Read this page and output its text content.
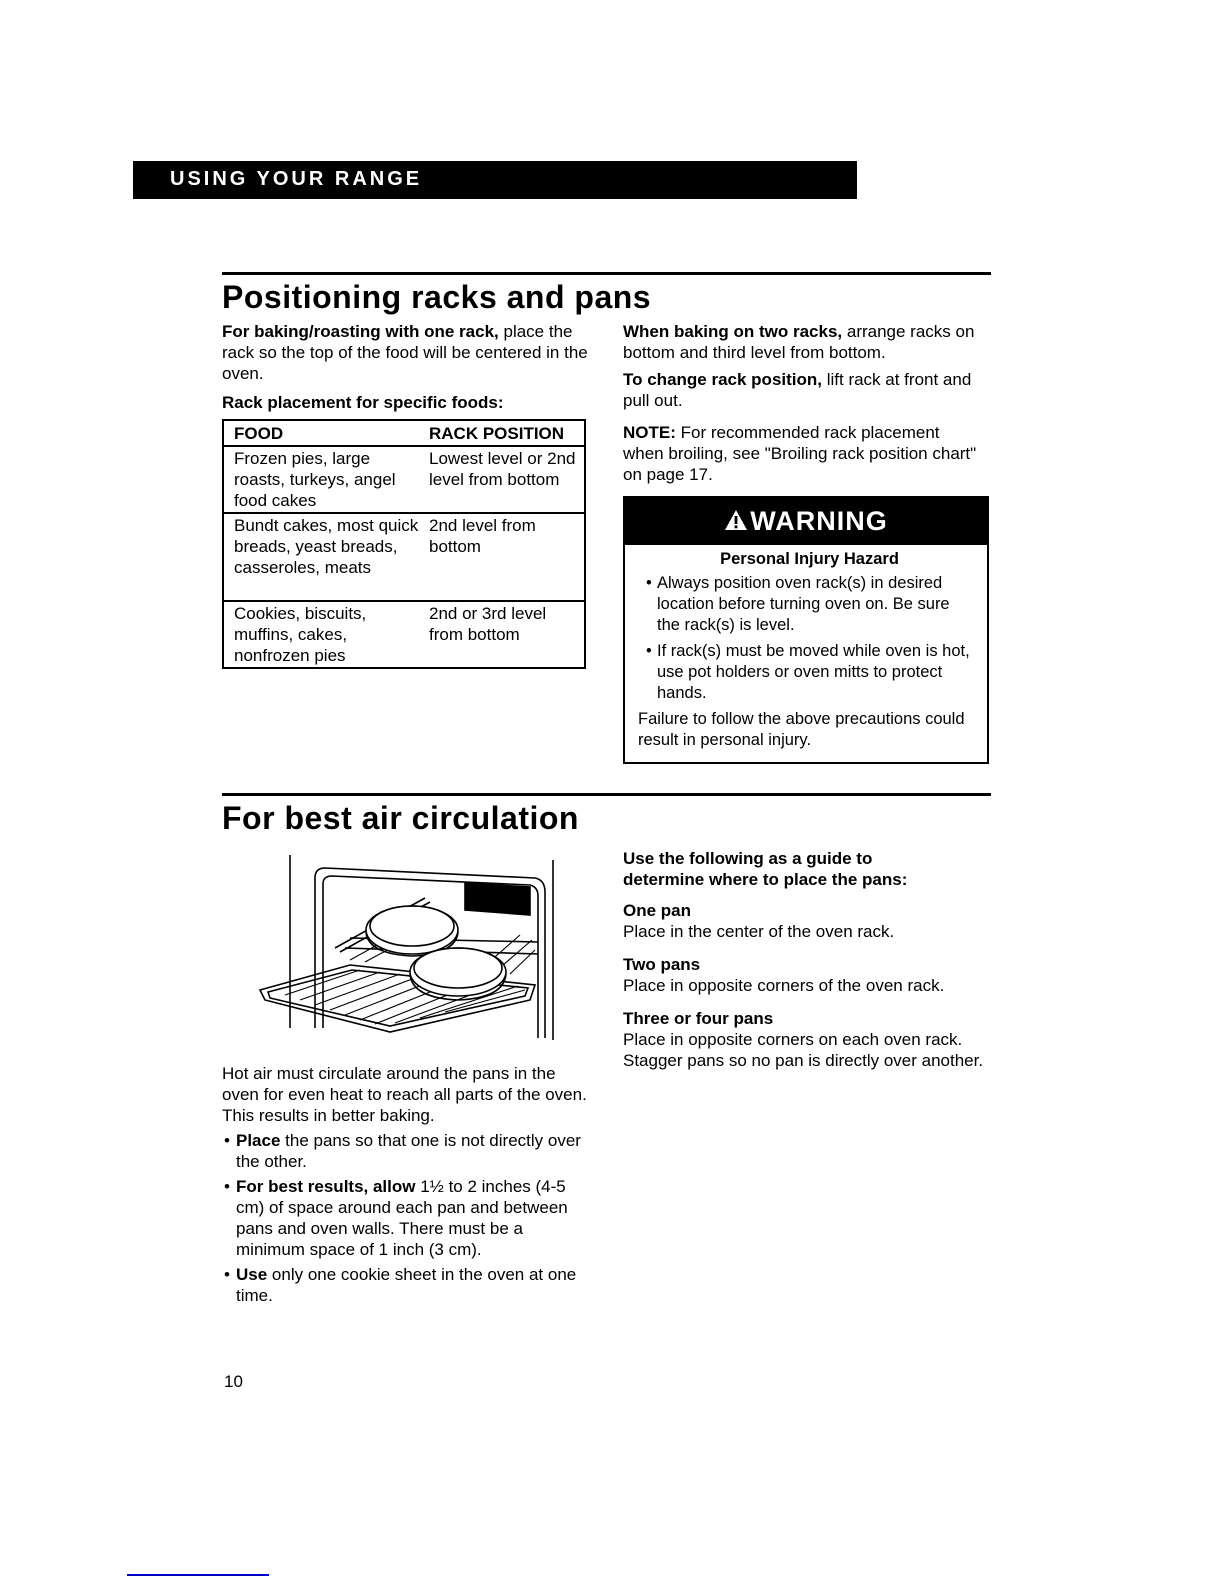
USING YOUR RANGE
Positioning racks and pans
For baking/roasting with one rack, place the rack so the top of the food will be centered in the oven.
Rack placement for specific foods:
FOOD	RACK POSITION
Frozen pies, large roasts, turkeys, angel food cakes	Lowest level or 2nd level from bottom
Bundt cakes, most quick breads, yeast breads, casseroles, meats	2nd level from bottom
Cookies, biscuits, muffins, cakes, nonfrozen pies	2nd or 3rd level from bottom
When baking on two racks, arrange racks on bottom and third level from bottom.
To change rack position, lift rack at front and pull out.
NOTE: For recommended rack placement when broiling, see "Broiling rack position chart" on page 17.
WARNING
Personal Injury Hazard
• Always position oven rack(s) in desired location before turning oven on. Be sure the rack(s) is level.
• If rack(s) must be moved while oven is hot, use pot holders or oven mitts to protect hands.
Failure to follow the above precautions could result in personal injury.
For best air circulation
Hot air must circulate around the pans in the oven for even heat to reach all parts of the oven. This results in better baking.
• Place the pans so that one is not directly over the other.
• For best results, allow 1½ to 2 inches (4-5 cm) of space around each pan and between pans and oven walls. There must be a minimum space of 1 inch (3 cm).
• Use only one cookie sheet in the oven at one time.
Use the following as a guide to determine where to place the pans:
One pan
Place in the center of the oven rack.
Two pans
Place in opposite corners of the oven rack.
Three or four pans
Place in opposite corners on each oven rack. Stagger pans so no pan is directly over another.
10
